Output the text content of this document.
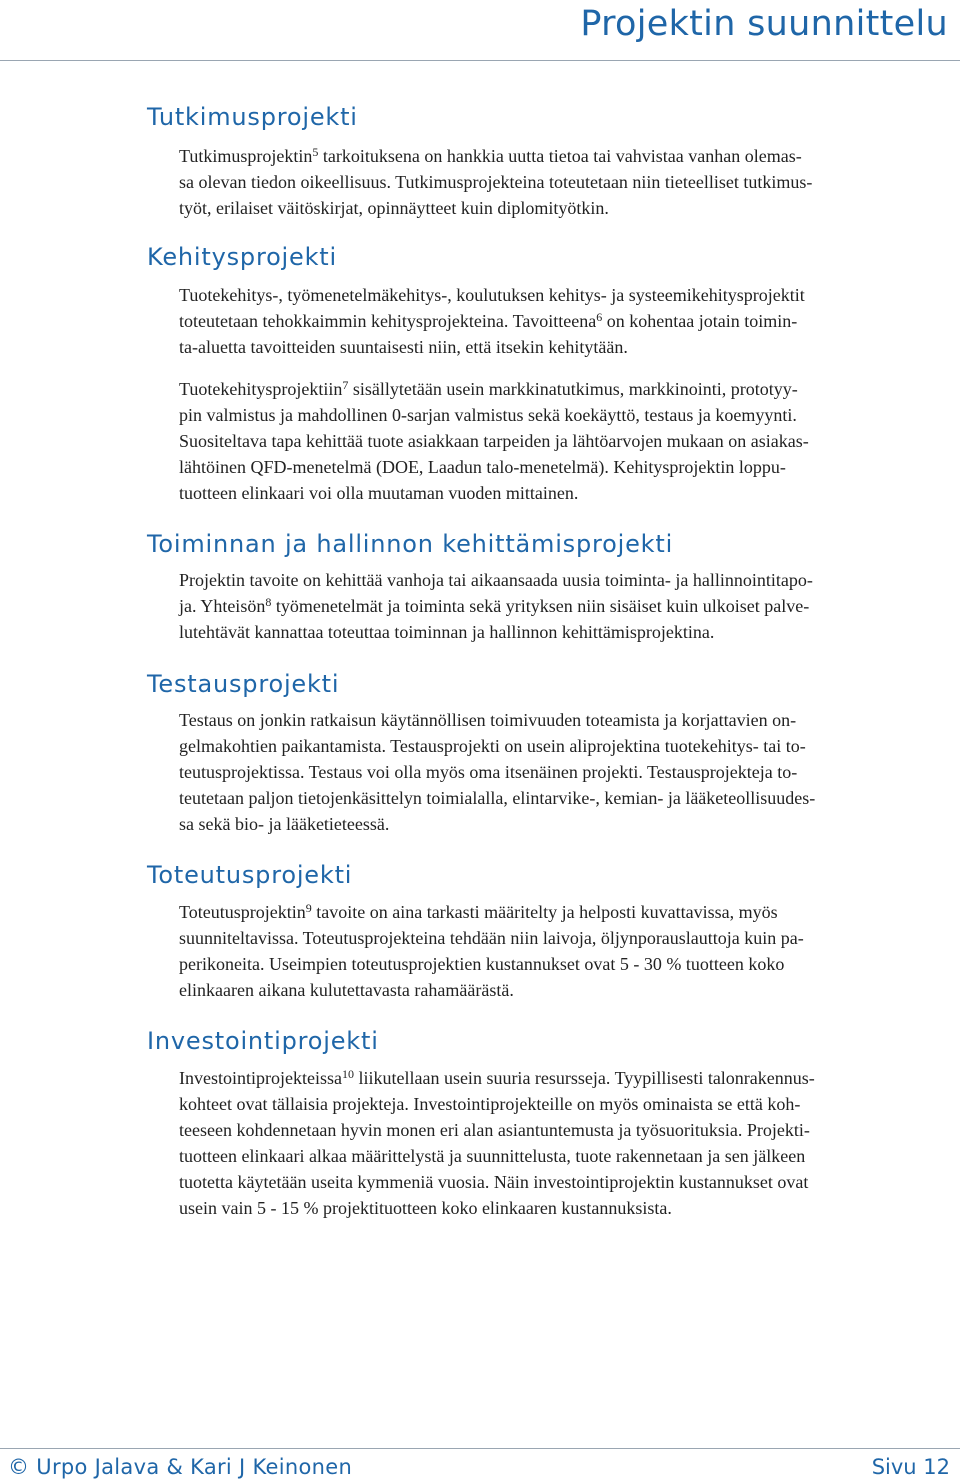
Projektin suunnittelu
Tutkimusprojekti

Tutkimusprojektin$^5$ tarkoituksena on hankkia uutta tietoa tai vahvistaa vanhan olemas-
sa olevan tiedon oikeellisuus. Tutkimusprojekteina toteutetaan niin tieteelliset tutkimus-
työt, erilaiset väitöskirjat, opinnäytteet kuin diplomityötkin.

Kehitysprojekti

Tuotekehitys-, työmenetelmäkehitys-, koulutuksen kehitys- ja systeemikehitysprojektit
toteutetaan tehokkaimmin kehitysprojekteina. Tavoitteena$^6$ on kohentaa jotain toimin-
ta-aluetta tavoitteiden suuntaisesti niin, että itsekin kehitytään.

Tuotekehitysprojektiin$^7$ sisällytetään usein markkinatutkimus, markkinointi, prototyy-
pin valmistus ja mahdollinen 0-sarjan valmistus sekä koekäyttö, testaus ja koemyynti.
Suositeltava tapa kehittää tuote asiakkaan tarpeiden ja lähtöarvojen mukaan on asiakas-
lähtöinen QFD-menetelmä (DOE, Laadun talo-menetelmä). Kehitysprojektin loppu-
tuotteen elinkaari voi olla muutaman vuoden mittainen.

Toiminnan ja hallinnon kehittämisprojekti

Projektin tavoite on kehittää vanhoja tai aikaansaada uusia toiminta- ja hallinnointitapo-
ja. Yhteisön$^8$ työmenetelmät ja toiminta sekä yrityksen niin sisäiset kuin ulkoiset palve-
lutehtävät kannattaa toteuttaa toiminnan ja hallinnon kehittämisprojektina.

Testausprojekti

Testaus on jonkin ratkaisun käytännöllisen toimivuuden toteamista ja korjattavien on-
gelmakohtien paikantamista. Testausprojekti on usein aliprojektina tuotekehitys- tai to-
teutusprojektissa. Testaus voi olla myös oma itsenäinen projekti. Testausprojekteja to-
teutetaan paljon tietojenkäsittelyn toimialalla, elintarvike-, kemian- ja lääketeollisuudes-
sa sekä bio- ja lääketieteessä.

Toteutusprojekti

Toteutusprojektin$^9$ tavoite on aina tarkasti määritelty ja helposti kuvattavissa, myös
suunniteltavissa. Toteutusprojekteina tehdään niin laivoja, öljynporauslauttoja kuin pa-
perikoneita. Useimpien toteutusprojektien kustannukset ovat 5 - 30 % tuotteen koko
elinkaaren aikana kulutettavasta rahamäärästä.

Investointiprojekti

Investointiprojekteissa$^{10}$ liikutellaan usein suuria resursseja. Tyypillisesti talonrakennus-
kohteet ovat tällaisia projekteja. Investointiprojekteille on myös ominaista se että koh-
teeseen kohdennetaan hyvin monen eri alan asiantuntemusta ja työsuorituksia. Projekti-
tuotteen elinkaari alkaa määrittelystä ja suunnittelusta, tuote rakennetaan ja sen jälkeen
tuotetta käytetään useita kymmeniä vuosia. Näin investointiprojektin kustannukset ovat
usein vain 5 - 15 % projektituotteen koko elinkaaren kustannuksista.

© Urpo Jalava & Kari J Keinonen	Sivu 12
